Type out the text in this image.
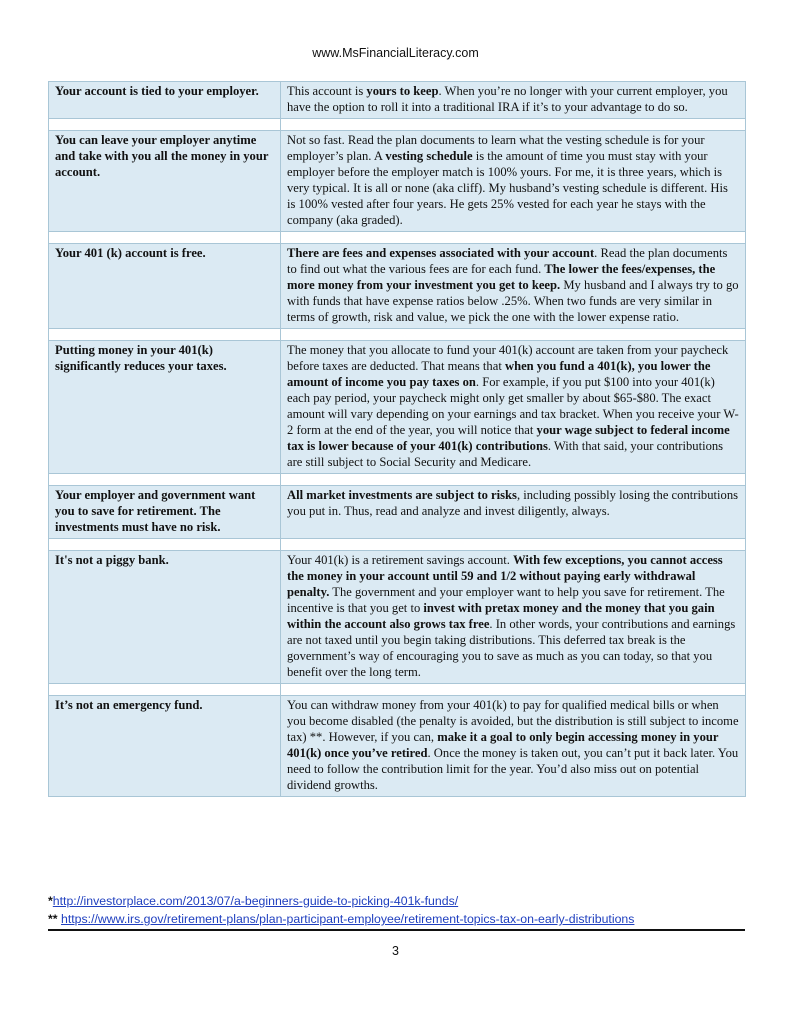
www.MsFinancialLiteracy.com
Your account is tied to your employer.	This account is yours to keep. When you’re no longer with your current employer, you have the option to roll it into a traditional IRA if it’s to your advantage to do so.

You can leave your employer anytime and take with you all the money in your account.	Not so fast. Read the plan documents to learn what the vesting schedule is for your employer’s plan. A vesting schedule is the amount of time you must stay with your employer before the employer match is 100% yours. For me, it is three years, which is very typical. It is all or none (aka cliff). My husband’s vesting schedule is different. His is 100% vested after four years. He gets 25% vested for each year he stays with the company (aka graded).

Your 401 (k) account is free.	There are fees and expenses associated with your account. Read the plan documents to find out what the various fees are for each fund. The lower the fees/expenses, the more money from your investment you get to keep. My husband and I always try to go with funds that have expense ratios below .25%. When two funds are very similar in terms of growth, risk and value, we pick the one with the lower expense ratio.

Putting money in your 401(k) significantly reduces your taxes.	The money that you allocate to fund your 401(k) account are taken from your paycheck before taxes are deducted. That means that when you fund a 401(k), you lower the amount of income you pay taxes on. For example, if you put $100 into your 401(k) each pay period, your paycheck might only get smaller by about $65-$80. The exact amount will vary depending on your earnings and tax bracket. When you receive your W-2 form at the end of the year, you will notice that your wage subject to federal income tax is lower because of your 401(k) contributions. With that said, your contributions are still subject to Social Security and Medicare.

Your employer and government want you to save for retirement. The investments must have no risk.	All market investments are subject to risks, including possibly losing the contributions you put in. Thus, read and analyze and invest diligently, always.

It's not a piggy bank.	Your 401(k) is a retirement savings account. With few exceptions, you cannot access the money in your account until 59 and 1/2 without paying early withdrawal penalty. The government and your employer want to help you save for retirement. The incentive is that you get to invest with pretax money and the money that you gain within the account also grows tax free. In other words, your contributions and earnings are not taxed until you begin taking distributions. This deferred tax break is the government’s way of encouraging you to save as much as you can today, so that you benefit over the long term.

It’s not an emergency fund.	You can withdraw money from your 401(k) to pay for qualified medical bills or when you become disabled (the penalty is avoided, but the distribution is still subject to income tax) **. However, if you can, make it a goal to only begin accessing money in your 401(k) once you’ve retired. Once the money is taken out, you can’t put it back later. You need to follow the contribution limit for the year. You’d also miss out on potential dividend growths.
*http://investorplace.com/2013/07/a-beginners-guide-to-picking-401k-funds/
** https://www.irs.gov/retirement-plans/plan-participant-employee/retirement-topics-tax-on-early-distributions
3
